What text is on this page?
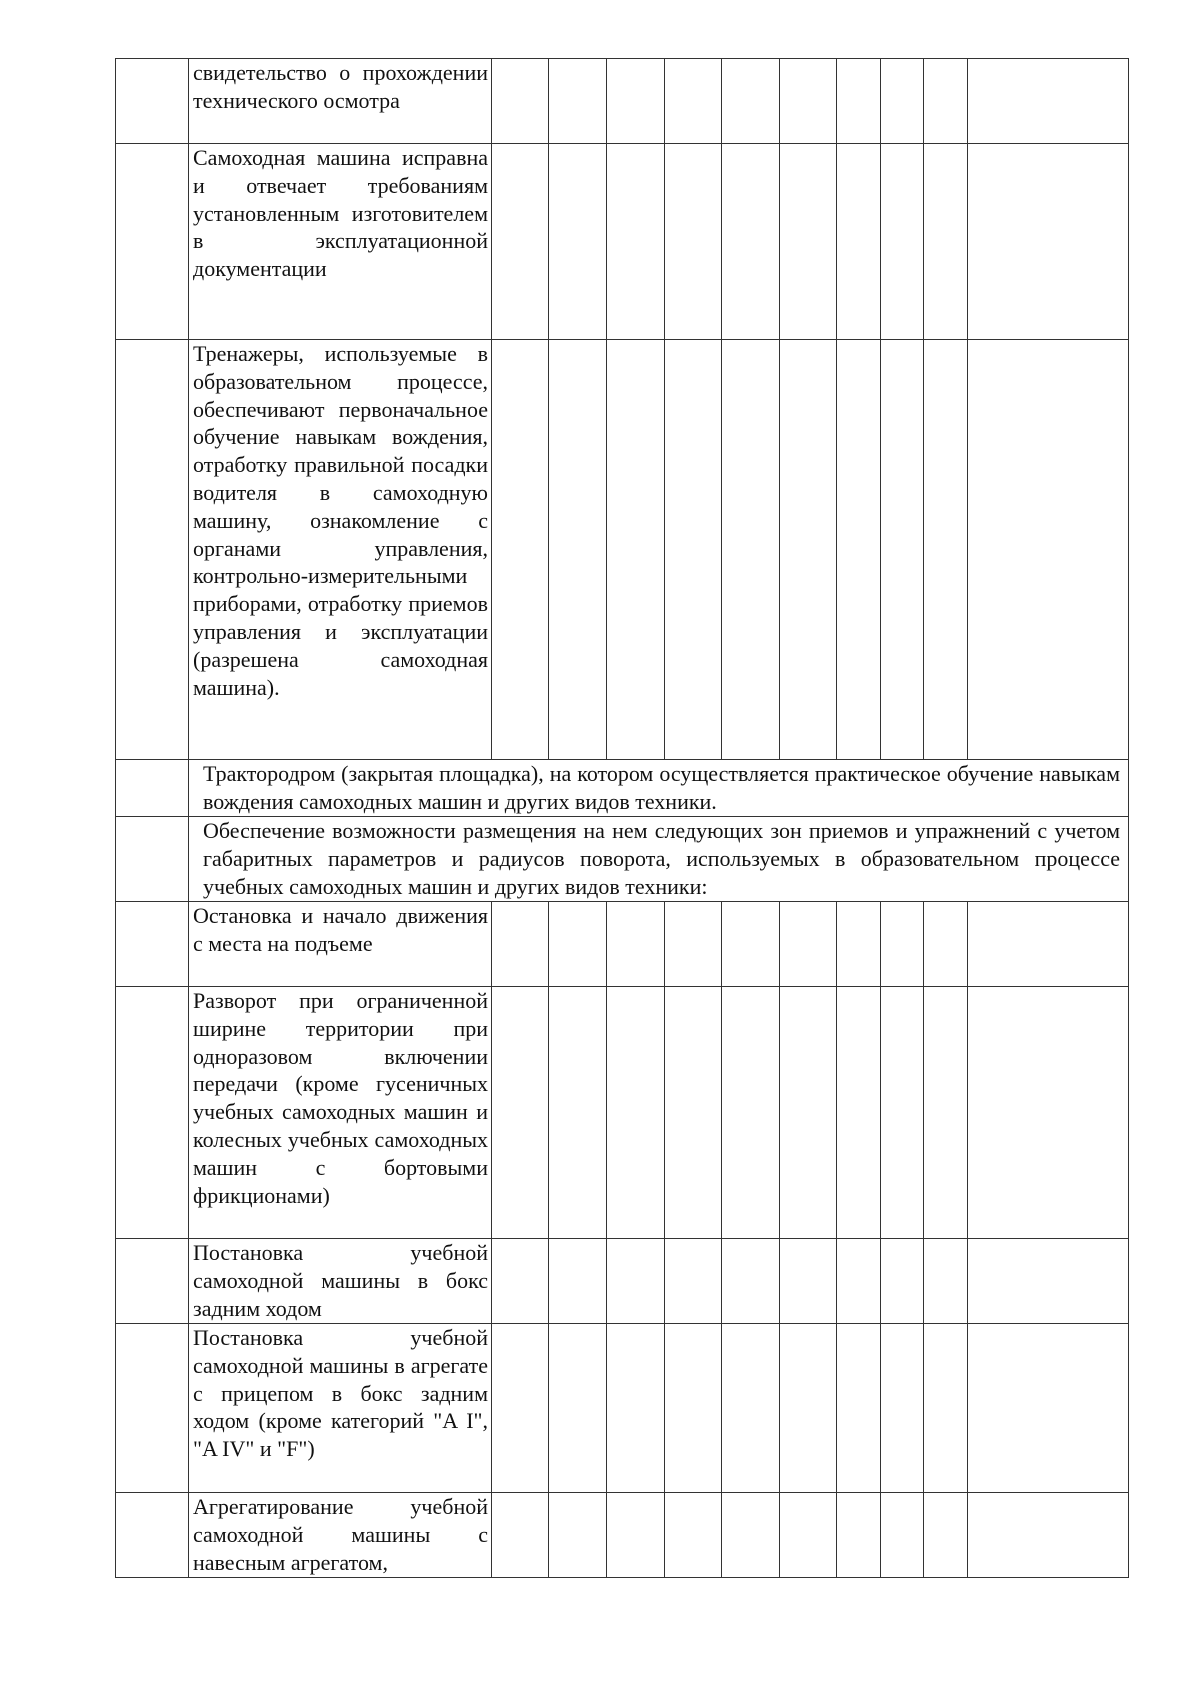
	свидетельство о прохождении технического осмотра										

	Самоходная машина исправна и отвечает требованиям установленным изготовителем в эксплуатационной документации										

	Тренажеры, используемые в образовательном процессе, обеспечивают первоначальное обучение навыкам вождения, отработку правильной посадки водителя в самоходную машину, ознакомление с органами управления, контрольно-измерительными приборами, отработку приемов управления и эксплуатации (разрешена самоходная машина).										

	Трактородром (закрытая площадка), на котором осуществляется практическое обучение навыкам вождения самоходных машин и других видов техники.										

	Обеспечение возможности размещения на нем следующих зон приемов и упражнений с учетом габаритных параметров и радиусов поворота, используемых в образовательном процессе учебных самоходных машин и других видов техники:										

	Остановка и начало движения с места на подъеме										

	Разворот при ограниченной ширине территории при одноразовом включении передачи (кроме гусеничных учебных самоходных машин и колесных учебных самоходных машин с бортовыми фрикционами)										

	Постановка учебной самоходной машины в бокс задним ходом										

	Постановка учебной самоходной машины в агрегате с прицепом в бокс задним ходом (кроме категорий "A I", "A IV" и "F")										

	Агрегатирование учебной самоходной машины с навесным агрегатом,										
